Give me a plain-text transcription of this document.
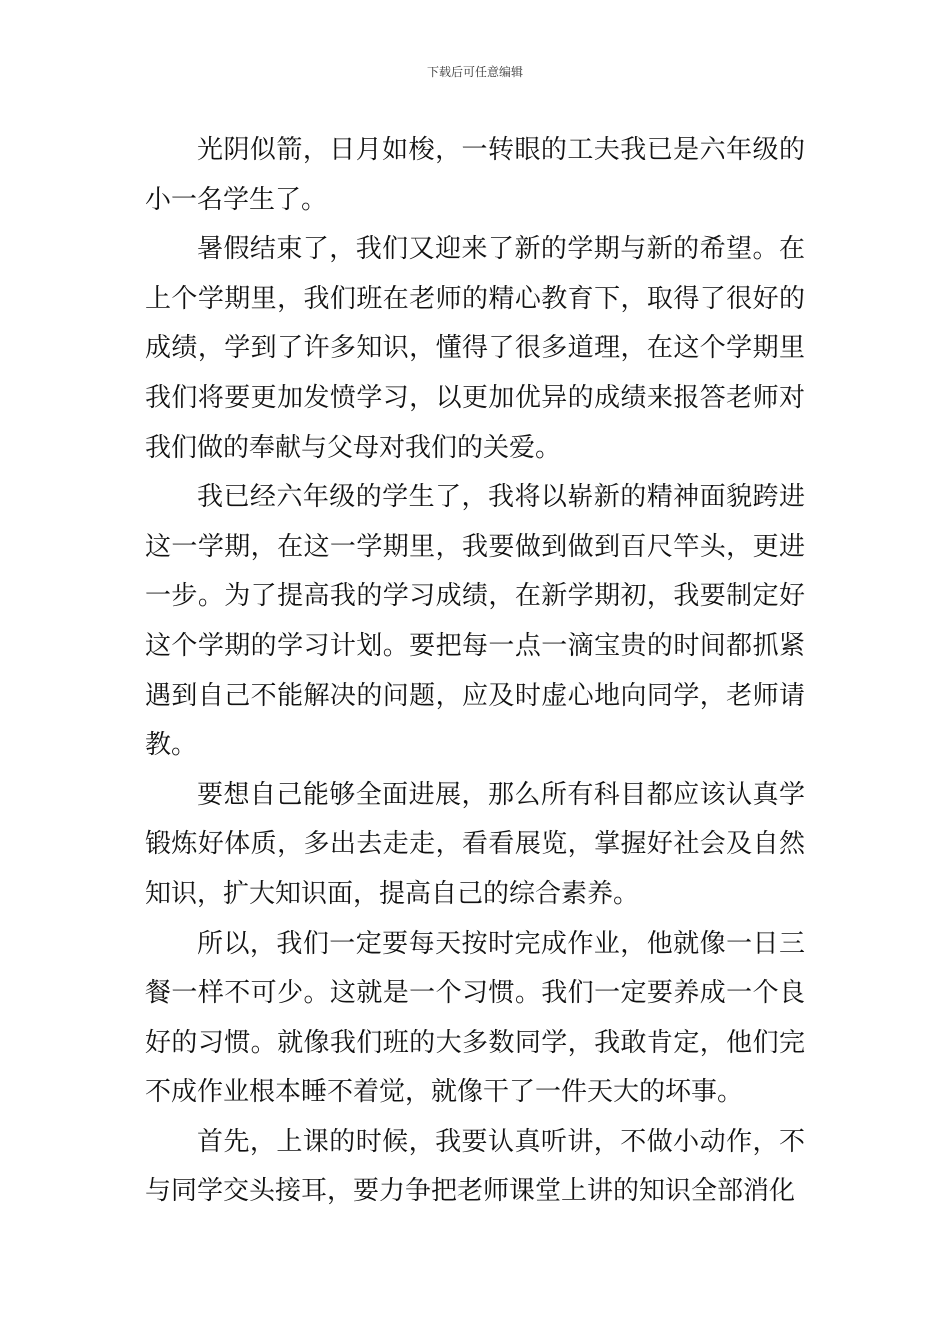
下载后可任意编辑

光阴似箭，日月如梭，一转眼的工夫我已是六年级的小一名学生了。

暑假结束了，我们又迎来了新的学期与新的希望。在上个学期里，我们班在老师的精心教育下，取得了很好的成绩，学到了许多知识，懂得了很多道理，在这个学期里我们将要更加发愤学习，以更加优异的成绩来报答老师对我们做的奉献与父母对我们的关爱。

我已经六年级的学生了，我将以崭新的精神面貌跨进这一学期，在这一学期里，我要做到做到百尺竿头，更进一步。为了提高我的学习成绩，在新学期初，我要制定好这个学期的学习计划。要把每一点一滴宝贵的时间都抓紧遇到自己不能解决的问题，应及时虚心地向同学，老师请教。

要想自己能够全面进展，那么所有科目都应该认真学锻炼好体质，多出去走走，看看展览，掌握好社会及自然知识，扩大知识面，提高自己的综合素养。

所以，我们一定要每天按时完成作业，他就像一日三餐一样不可少。这就是一个习惯。我们一定要养成一个良好的习惯。就像我们班的大多数同学，我敢肯定，他们完不成作业根本睡不着觉，就像干了一件天大的坏事。

首先，上课的时候，我要认真听讲，不做小动作，不与同学交头接耳，要力争把老师课堂上讲的知识全部消化
